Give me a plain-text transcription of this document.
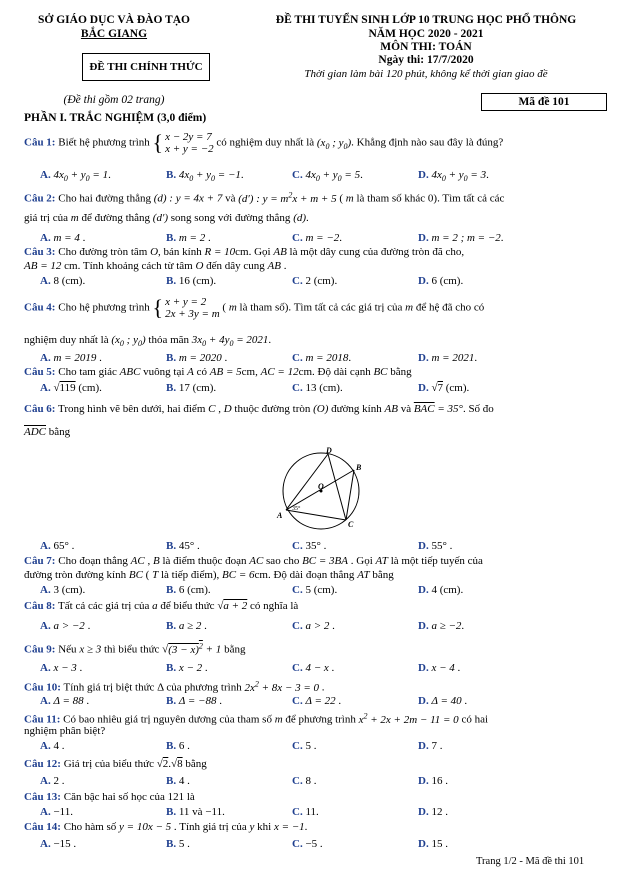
SỞ GIÁO DỤC VÀ ĐÀO TẠO
BẮC GIANG
ĐỀ THI CHÍNH THỨC
(Đề thi gồm 02 trang)
ĐỀ THI TUYỂN SINH LỚP 10 TRUNG HỌC PHỔ THÔNG
NĂM HỌC 2020 - 2021
MÔN THI: TOÁN
Ngày thi: 17/7/2020
Thời gian làm bài 120 phút, không kể thời gian giao đề
Mã đề 101
PHẦN I. TRẮC NGHIỆM (3,0 điểm)
Câu 1: Biết hệ phương trình { x − 2y = 7
x + y = −2 có nghiệm duy nhất là ($x_0$ ; $y_0$). Khẳng định nào sau đây là đúng?
A. $4x_0 + y_0 = 1$.	B. $4x_0 + y_0 = -1$.	C. $4x_0 + y_0 = 5$.	D. $4x_0 + y_0 = 3$.
Câu 2: Cho hai đường thẳng (d) : y = 4x + 7 và (d′) : $y = m^2x + m + 5$ ( m là tham số khác 0). Tìm tất cả các
giá trị của m để đường thẳng (d′) song song với đường thẳng (d).
A. m = 4 .	B. m = 2 .	C. m = −2.	D. m = 2 ; m = −2.
Câu 3: Cho đường tròn tâm O, bán kính R = 10cm. Gọi AB là một dây cung của đường tròn đã cho,
AB = 12 cm. Tính khoảng cách từ tâm O đến dây cung AB .
A. 8 (cm).	B. 16 (cm).	C. 2 (cm).	D. 6 (cm).
Câu 4: Cho hệ phương trình { x + y = 2
2x + 3y = m ( m là tham số). Tìm tất cả các giá trị của m để hệ đã cho có
nghiệm duy nhất là ($x_0$ ; $y_0$) thỏa mãn $3x_0 + 4y_0 = 2021$.
A. m = 2019 .	B. m = 2020 .	C. m = 2018.	D. m = 2021.
Câu 5: Cho tam giác ABC vuông tại A có AB = 5cm, AC = 12cm. Độ dài cạnh BC bằng
A. √119 (cm).	B. 17 (cm).	C. 13 (cm).	D. √7 (cm).
Câu 6: Trong hình vẽ bên dưới, hai điểm C , D thuộc đường tròn (O) đường kính AB và $\overline{BAC} = 35^\circ$. Số đo
$\overline{ADC}$ bằng
D
B
O
A
C
35°
A. 65° .	B. 45° .	C. 35° .	D. 55° .
Câu 7: Cho đoạn thẳng AC , B là điểm thuộc đoạn AC sao cho BC = 3BA . Gọi AT là một tiếp tuyến của
đường tròn đường kính BC ( T là tiếp điểm), BC = 6cm. Độ dài đoạn thẳng AT bằng
A. 3 (cm).	B. 6 (cm).	C. 5 (cm).	D. 4 (cm).
Câu 8: Tất cả các giá trị của a để biểu thức √a + 2 có nghĩa là
A. a > −2 .	B. a ≥ 2 .	C. a > 2 .	D. a ≥ −2.
Câu 9: Nếu x ≥ 3 thì biểu thức $√(3 - x)^2 + 1$ bằng
A. x − 3 .	B. x − 2 .	C. 4 − x .	D. x − 4 .
Câu 10: Tính giá trị biệt thức Δ của phương trình $2x^2 + 8x - 3 = 0$ .
A. Δ = 88 .	B. Δ = −88 .	C. Δ = 22 .	D. Δ = 40 .
Câu 11: Có bao nhiêu giá trị nguyên dương của tham số m để phương trình $x^2 + 2x + 2m - 11 = 0$ có hai
nghiệm phân biệt?
A. 4 .	B. 6 .	C. 5 .	D. 7 .
Câu 12: Giá trị của biểu thức √2.√8 bằng
A. 2 .	B. 4 .	C. 8 .	D. 16 .
Câu 13: Căn bậc hai số học của 121 là
A. −11.	B. 11 và −11.	C. 11.	D. 12 .
Câu 14: Cho hàm số y = 10x − 5 . Tính giá trị của y khi x = −1.
A. −15 .	B. 5 .	C. −5 .	D. 15 .
Trang 1/2 - Mã đề thi 101
